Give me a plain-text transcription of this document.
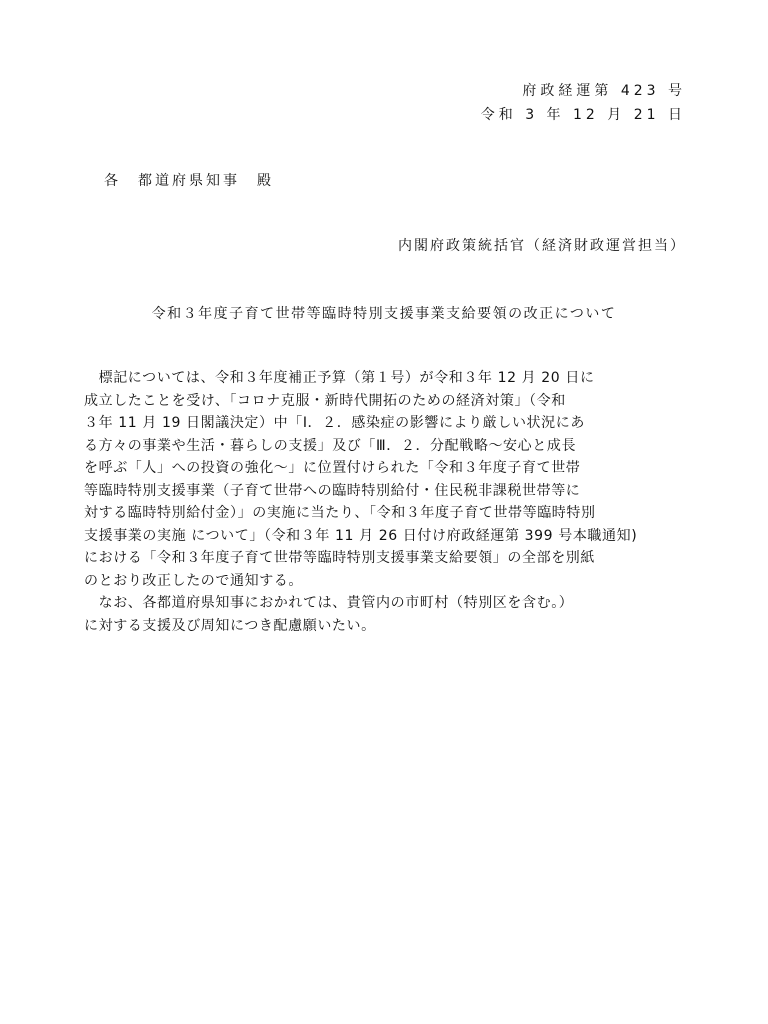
府政経運第 423 号
令和 3 年 12 月 21 日
各　都道府県知事　殿
内閣府政策統括官（経済財政運営担当）
令和３年度子育て世帯等臨時特別支援事業支給要領の改正について
　標記については、令和３年度補正予算（第１号）が令和３年 12 月 20 日に
成立したことを受け、「コロナ克服・新時代開拓のための経済対策」（令和
３年 11 月 19 日閣議決定）中「Ⅰ．２．感染症の影響により厳しい状況にあ
る方々の事業や生活・暮らしの支援」及び「Ⅲ．２．分配戦略～安心と成長
を呼ぶ「人」への投資の強化～」に位置付けられた「令和３年度子育て世帯
等臨時特別支援事業（子育て世帯への臨時特別給付・住民税非課税世帯等に
対する臨時特別給付金）」の実施に当たり、「令和３年度子育て世帯等臨時特別
支援事業の実施 について」（令和３年 11 月 26 日付け府政経運第 399 号本職通知)
における「令和３年度子育て世帯等臨時特別支援事業支給要領」の全部を別紙
のとおり改正したので通知する。
　なお、各都道府県知事におかれては、貴管内の市町村（特別区を含む。）
に対する支援及び周知につき配慮願いたい。
